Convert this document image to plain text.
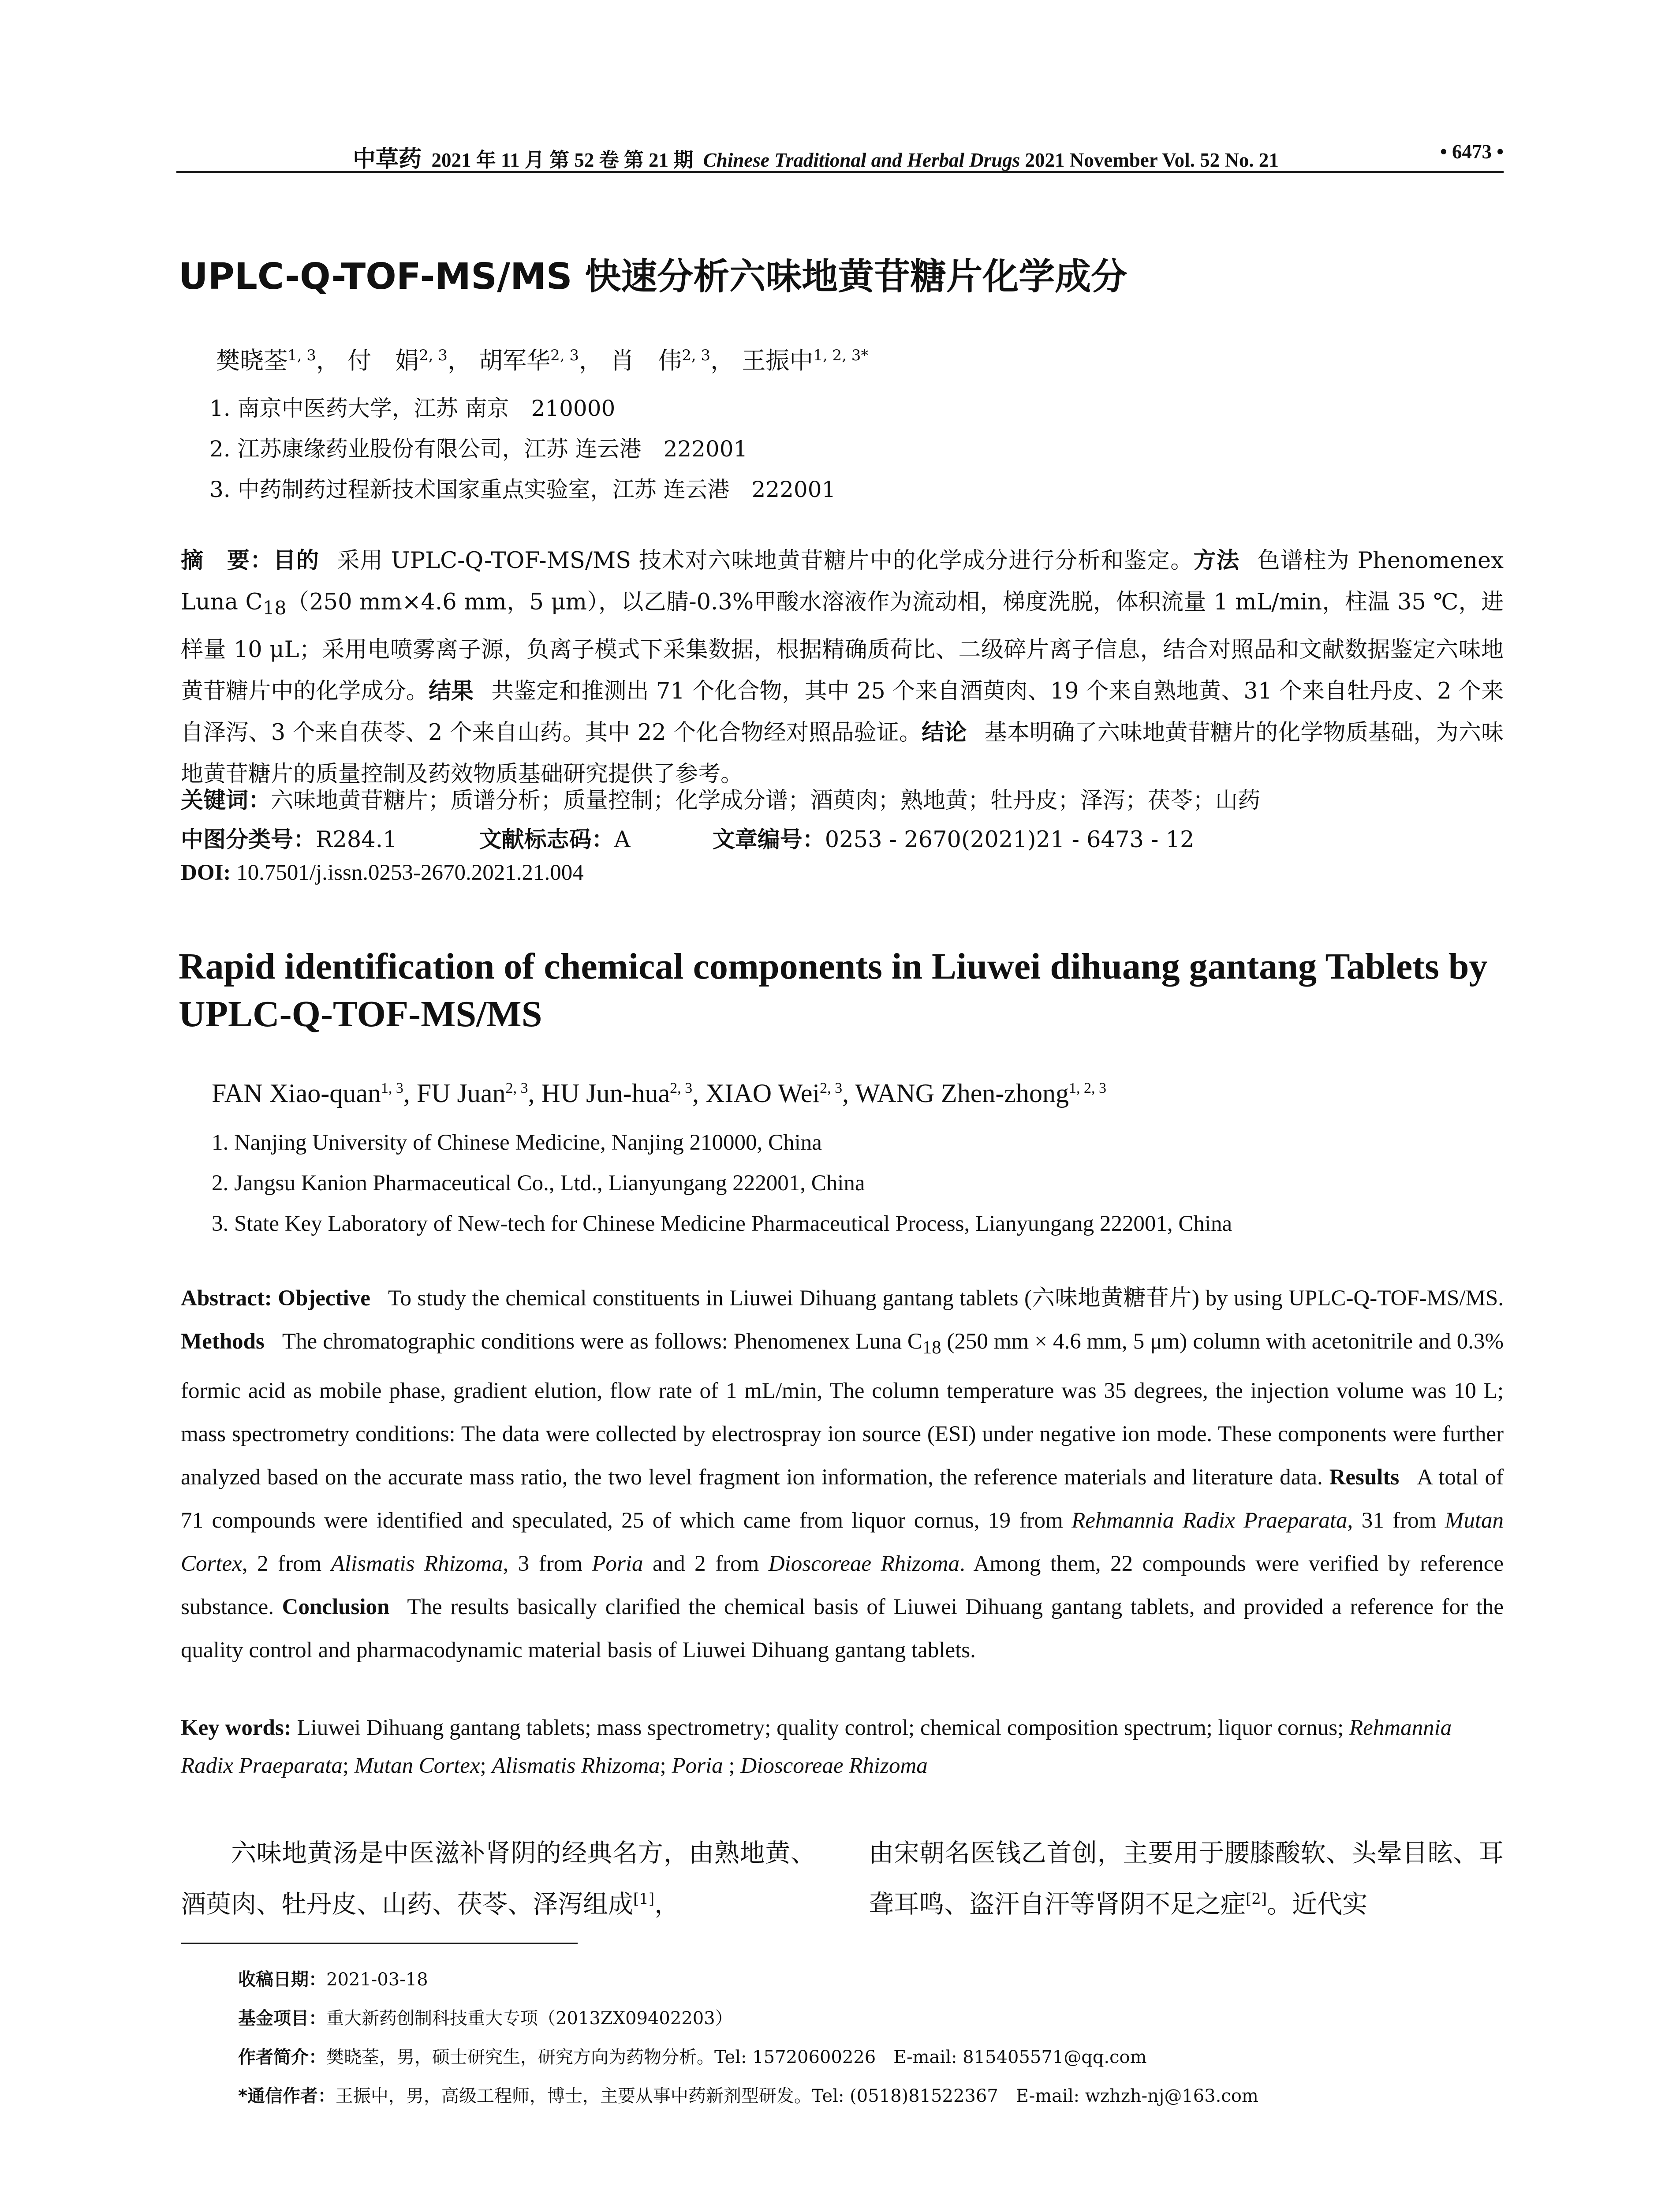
中草药 2021 年 11 月 第 52 卷 第 21 期 Chinese Traditional and Herbal Drugs 2021 November Vol. 52 No. 21	• 6473 •
UPLC-Q-TOF-MS/MS 快速分析六味地黄苷糖片化学成分
樊晓荃$^{1, 3}$， 付　娟$^{2, 3}$， 胡军华$^{2, 3}$， 肖　伟$^{2, 3}$， 王振中$^{1, 2, 3*}$
1. 南京中医药大学，江苏 南京　210000
2. 江苏康缘药业股份有限公司，江苏 连云港　222001
3. 中药制药过程新技术国家重点实验室，江苏 连云港　222001
摘　要：目的 采用 UPLC-Q-TOF-MS/MS 技术对六味地黄苷糖片中的化学成分进行分析和鉴定。方法 色谱柱为 Phenomenex Luna $C_{18}(250$ mm×4.6 mm，5 μm），以乙腈-0.3%甲酸水溶液作为流动相，梯度洗脱，体积流量 1 mL/min，柱温 35 ℃，进样量 10 μL；采用电喷雾离子源，负离子模式下采集数据，根据精确质荷比、二级碎片离子信息，结合对照品和文献数据鉴定六味地黄苷糖片中的化学成分。结果 共鉴定和推测出 71 个化合物，其中 25 个来自酒萸肉、19 个来自熟地黄、31 个来自牡丹皮、2 个来自泽泻、3 个来自茯苓、2 个来自山药。其中 22 个化合物经对照品验证。结论 基本明确了六味地黄苷糖片的化学物质基础，为六味地黄苷糖片的质量控制及药效物质基础研究提供了参考。
关键词：六味地黄苷糖片；质谱分析；质量控制；化学成分谱；酒萸肉；熟地黄；牡丹皮；泽泻；茯苓；山药
中图分类号：R284.1	文献标志码：A	文章编号：0253 - 2670(2021)21 - 6473 - 12
DOI: 10.7501/j.issn.0253-2670.2021.21.004
Rapid identification of chemical components in Liuwei dihuang gantang Tablets by UPLC-Q-TOF-MS/MS
FAN Xiao-quan$^{1, 3}$, FU Juan$^{2, 3}$, HU Jun-hua$^{2, 3}$, XIAO Wei$^{2, 3}$, WANG Zhen-zhong$^{1, 2, 3}$
1. Nanjing University of Chinese Medicine, Nanjing 210000, China
2. Jangsu Kanion Pharmaceutical Co., Ltd., Lianyungang 222001, China
3. State Key Laboratory of New-tech for Chinese Medicine Pharmaceutical Process, Lianyungang 222001, China
Abstract: Objective To study the chemical constituents in Liuwei Dihuang gantang tablets (六味地黄糖苷片) by using UPLC-Q-TOF-MS/MS. Methods The chromatographic conditions were as follows: Phenomenex Luna $C_{18}$ (250 mm × 4.6 mm, 5 μm) column with acetonitrile and 0.3% formic acid as mobile phase, gradient elution, flow rate of 1 mL/min, The column temperature was 35 degrees, the injection volume was 10 L; mass spectrometry conditions: The data were collected by electrospray ion source (ESI) under negative ion mode. These components were further analyzed based on the accurate mass ratio, the two level fragment ion information, the reference materials and literature data. Results A total of 71 compounds were identified and speculated, 25 of which came from liquor cornus, 19 from Rehmannia Radix Praeparata, 31 from Mutan Cortex, 2 from Alismatis Rhizoma, 3 from Poria and 2 from Dioscoreae Rhizoma. Among them, 22 compounds were verified by reference substance. Conclusion The results basically clarified the chemical basis of Liuwei Dihuang gantang tablets, and provided a reference for the quality control and pharmacodynamic material basis of Liuwei Dihuang gantang tablets.
Key words: Liuwei Dihuang gantang tablets; mass spectrometry; quality control; chemical composition spectrum; liquor cornus; Rehmannia Radix Praeparata; Mutan Cortex; Alismatis Rhizoma; Poria ; Dioscoreae Rhizoma
六味地黄汤是中医滋补肾阴的经典名方，由熟地黄、酒萸肉、牡丹皮、山药、茯苓、泽泻组成[1]，
由宋朝名医钱乙首创，主要用于腰膝酸软、头晕目眩、耳聋耳鸣、盗汗自汗等肾阴不足之症[2]。近代实
收稿日期：2021-03-18
基金项目：重大新药创制科技重大专项（2013ZX09402203）
作者简介：樊晓荃，男，硕士研究生，研究方向为药物分析。Tel: 15720600226　E-mail: 815405571@qq.com
*通信作者：王振中，男，高级工程师，博士，主要从事中药新剂型研发。Tel: (0518)81522367　E-mail: wzhzh-nj@163.com
